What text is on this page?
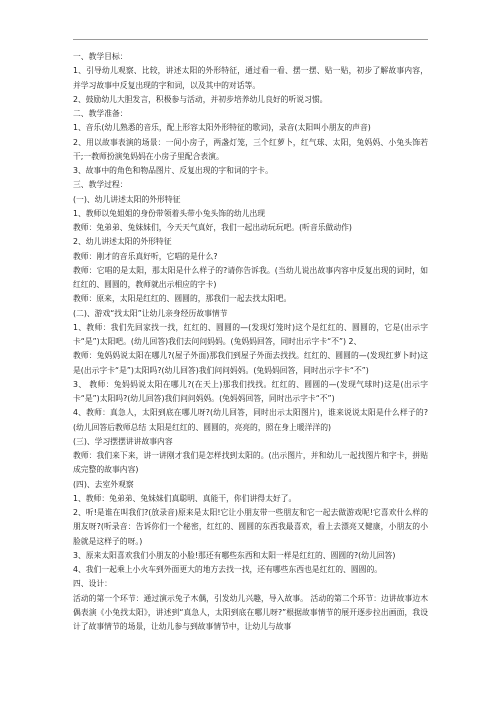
一、教学目标：

1、引导幼儿观察、比较，讲述太阳的外形特征，通过看一看、摆一摆、贴一贴，初步了解故事内容，并学习故事中反复出现的字和词，以及其中的对话等。

2、鼓励幼儿大胆发言，积极参与活动，并初步培养幼儿良好的听说习惯。

二、教学准备：

1、音乐(幼儿熟悉的音乐，配上形容太阳外形特征的歌词)，录音(太阳叫小朋友的声音)

2、用以故事表演的场景：一间小房子，两盏灯笼，三个红萝卜，红气球、太阳，兔妈妈、小兔头饰若干;一教师扮演兔妈妈在小房子里配合表演。

3、故事中的角色和物品图片、反复出现的字和词的字卡。

三、教学过程：

(一)、幼儿讲述太阳的外形特征

1、教师以兔姐姐的身份带领着头带小兔头饰的幼儿出现

教师：兔弟弟、兔妹妹们，今天天气真好，我们一起出动玩玩吧。(听音乐做动作)

2、幼儿讲述太阳的外形特征

教师：刚才的音乐真好听，它唱的是什么?

教师：它唱的是太阳，那太阳是什么样子的?请你告诉我。(当幼儿说出故事内容中反复出现的词时，如红红的、圆圆的，教师就出示相应的字卡)

教师：原来，太阳是红红的、圆圆的，那我们一起去找太阳吧。

(二)、游戏“找太阳”让幼儿亲身经历故事情节

1、教师：我们先回家找一找，红红的、圆圆的—(发现灯笼时)这个是红红的、圆圆的，它是(出示字卡“是”)太阳吧。(幼儿回答)我们去问问妈妈。(兔妈妈回答，同时出示字卡“不”) 2、

教师：兔妈妈说太阳在哪儿?(屋子外面)那我们到屋子外面去找找。红红的、圆圆的—(发现红萝卜时)这是(出示字卡“是”)太阳吗?(幼儿回答)我们问问妈妈。(兔妈妈回答，同时出示字卡“不”)

3、 教师：兔妈妈说太阳在哪儿?(在天上)那我们找找。红红的、圆圆的—(发现气球时)这是(出示字卡“是”)太阳吗?(幼儿回答)我们问问妈妈。(兔妈妈回答，同时出示字卡“不”)

4、教师：真急人，太阳到底在哪儿呀?(幼儿回答，同时出示太阳图片)，谁来说说太阳是什么样子的?(幼儿回答后教师总结 太阳是红红的、圆圆的，亮亮的，照在身上暖洋洋的)

(三)、学习摆摆讲讲故事内容

教师：我们来下来，讲一讲刚才我们是怎样找到太阳的。(出示图片，并和幼儿一起找图片和字卡，拼贴成完整的故事内容)

(四)、去室外观察

1、教师：兔弟弟、兔妹妹们真聪明、真能干，你们讲得太好了。

2、听!是谁在叫我们?(放录音)原来是太阳!它让小朋友带一些朋友和它一起去做游戏呢!它喜欢什么样的朋友呀?(听录音：告诉你们一个秘密，红红的、圆圆的东西我最喜欢，看上去漂亮又健康，小朋友的小脸就是这样子的呀。)

3、原来太阳喜欢我们小朋友的小脸!那还有哪些东西和太阳一样是红红的、圆圆的?(幼儿回答)

4、我们一起乘上小火车到外面更大的地方去找一找，还有哪些东西也是红红的、圆圆的。

四、设计：

活动的第一个环节：通过演示兔子木偶，引发幼儿兴趣，导入故事。 活动的第二个环节：边讲故事边木偶表演《小兔找太阳》，讲述到“真急人，太阳到底在哪儿呀?”根据故事情节的展开逐步拉出画面，我设计了故事情节的场景，让幼儿参与到故事情节中，让幼儿与故事
